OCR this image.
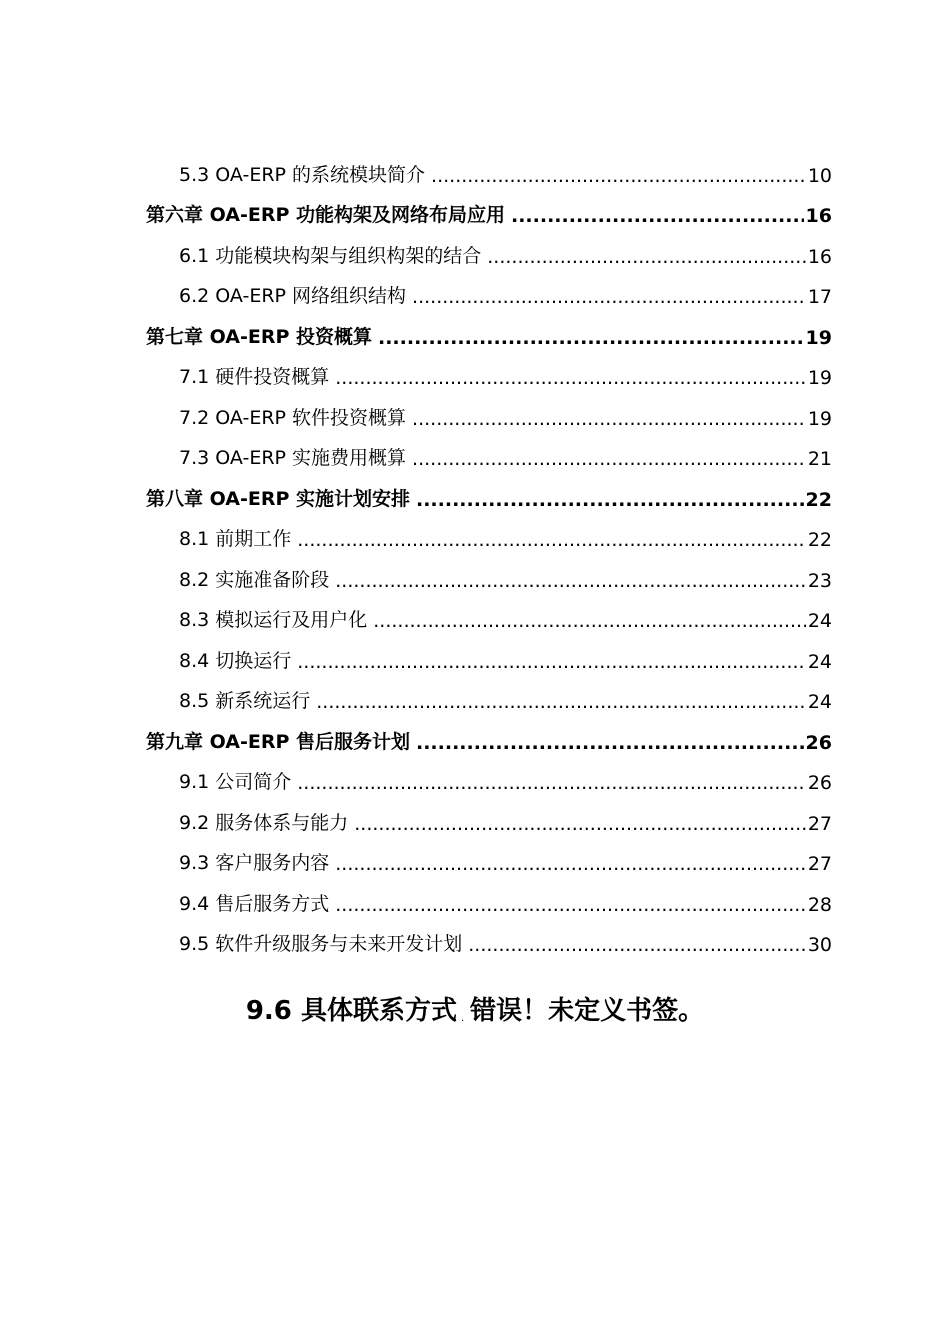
5.3 OA-ERP 的系统模块简介 .....	10
第六章 OA-ERP 功能构架及网络布局应用 .....	16
6.1 功能模块构架与组织构架的结合 .....	16
6.2 OA-ERP 网络组织结构 .....	17
第七章 OA-ERP 投资概算 .....	19
7.1 硬件投资概算 .....	19
7.2 OA-ERP 软件投资概算 .....	19
7.3 OA-ERP 实施费用概算 .....	21
第八章 OA-ERP 实施计划安排 .....	22
8.1 前期工作 .....	22
8.2 实施准备阶段 .....	23
8.3 模拟运行及用户化 .....	24
8.4 切换运行 .....	24
8.5 新系统运行 .....	24
第九章 OA-ERP 售后服务计划 .....	26
9.1 公司简介 .....	26
9.2 服务体系与能力 .....	27
9.3 客户服务内容 .....	27
9.4 售后服务方式 .....	28
9.5 软件升级服务与未来开发计划 .....	30
9.6 具体联系方式 . 错误！未定义书签。
